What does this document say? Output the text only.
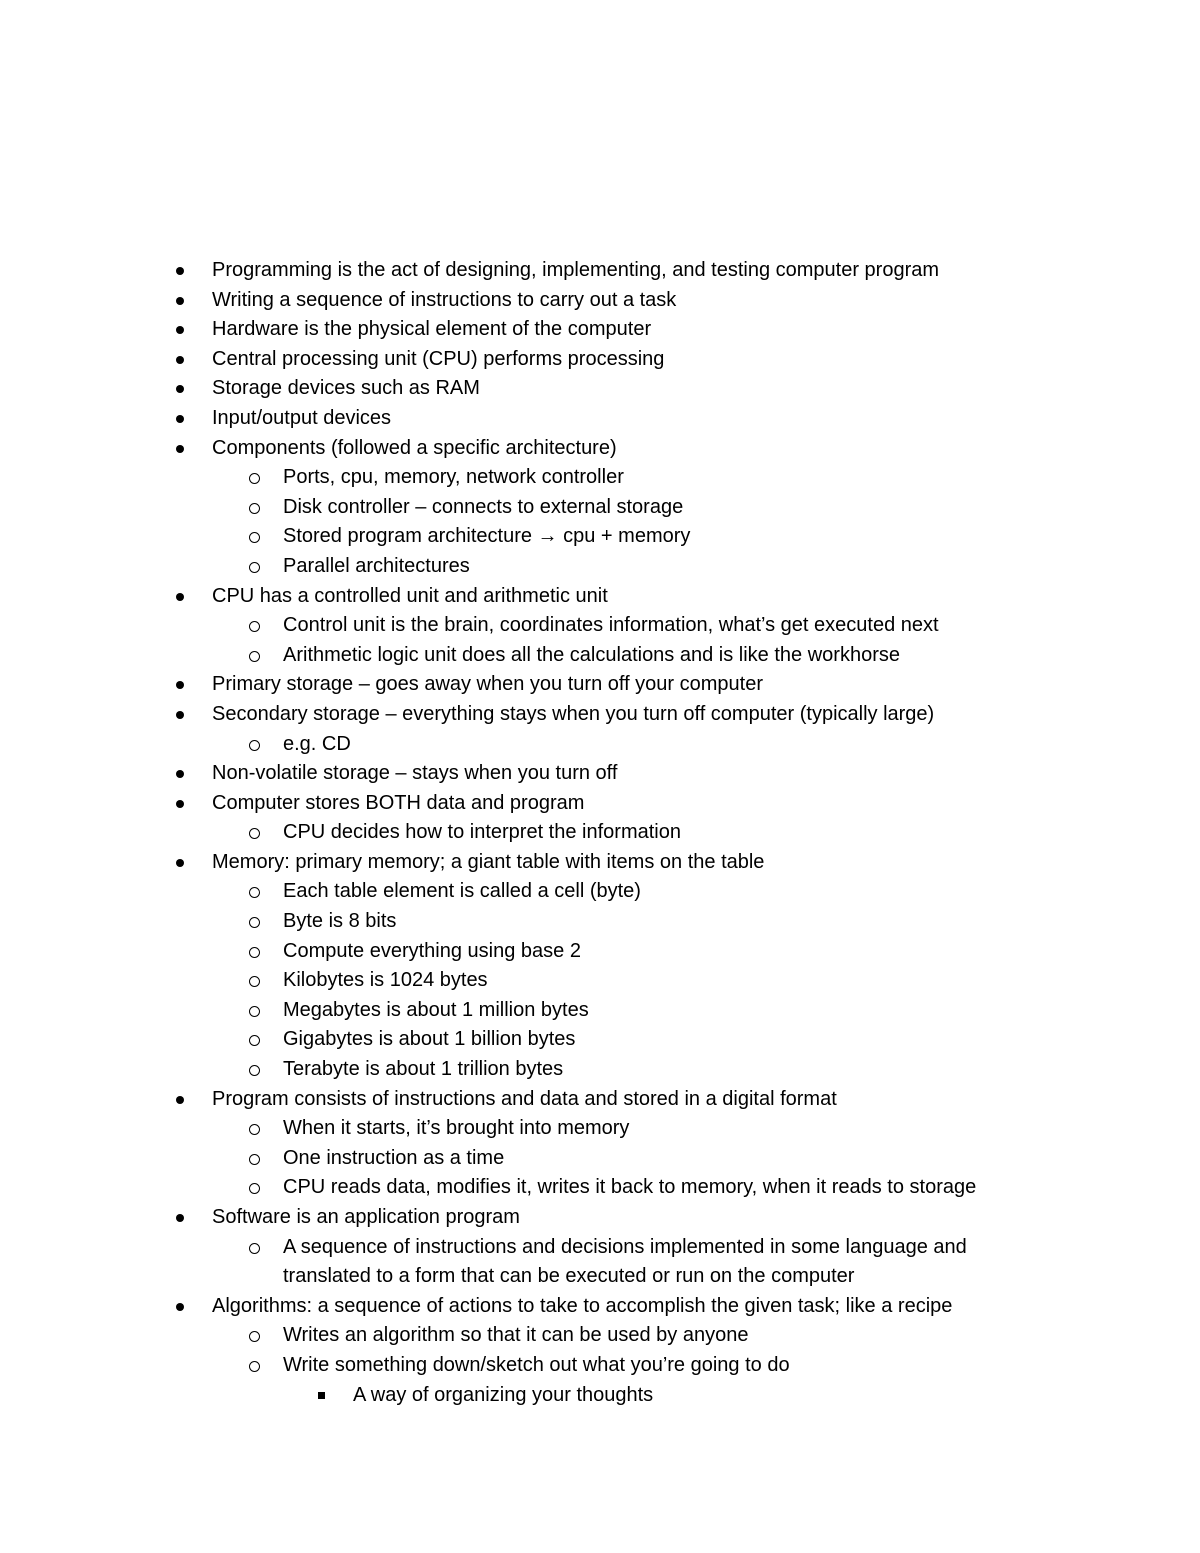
Programming is the act of designing, implementing, and testing computer program
Writing a sequence of instructions to carry out a task
Hardware is the physical element of the computer
Central processing unit (CPU) performs processing
Storage devices such as RAM
Input/output devices
Components (followed a specific architecture)
Ports, cpu, memory, network controller
Disk controller – connects to external storage
Stored program architecture → cpu + memory
Parallel architectures
CPU has a controlled unit and arithmetic unit
Control unit is the brain, coordinates information, what’s get executed next
Arithmetic logic unit does all the calculations and is like the workhorse
Primary storage – goes away when you turn off your computer
Secondary storage – everything stays when you turn off computer (typically large)
e.g. CD
Non-volatile storage – stays when you turn off
Computer stores BOTH data and program
CPU decides how to interpret the information
Memory: primary memory; a giant table with items on the table
Each table element is called a cell (byte)
Byte is 8 bits
Compute everything using base 2
Kilobytes is 1024 bytes
Megabytes is about 1 million bytes
Gigabytes is about 1 billion bytes
Terabyte is about 1 trillion bytes
Program consists of instructions and data and stored in a digital format
When it starts, it’s brought into memory
One instruction as a time
CPU reads data, modifies it, writes it back to memory, when it reads to storage
Software is an application program
A sequence of instructions and decisions implemented in some language and translated to a form that can be executed or run on the computer
Algorithms: a sequence of actions to take to accomplish the given task; like a recipe
Writes an algorithm so that it can be used by anyone
Write something down/sketch out what you’re going to do
A way of organizing your thoughts
